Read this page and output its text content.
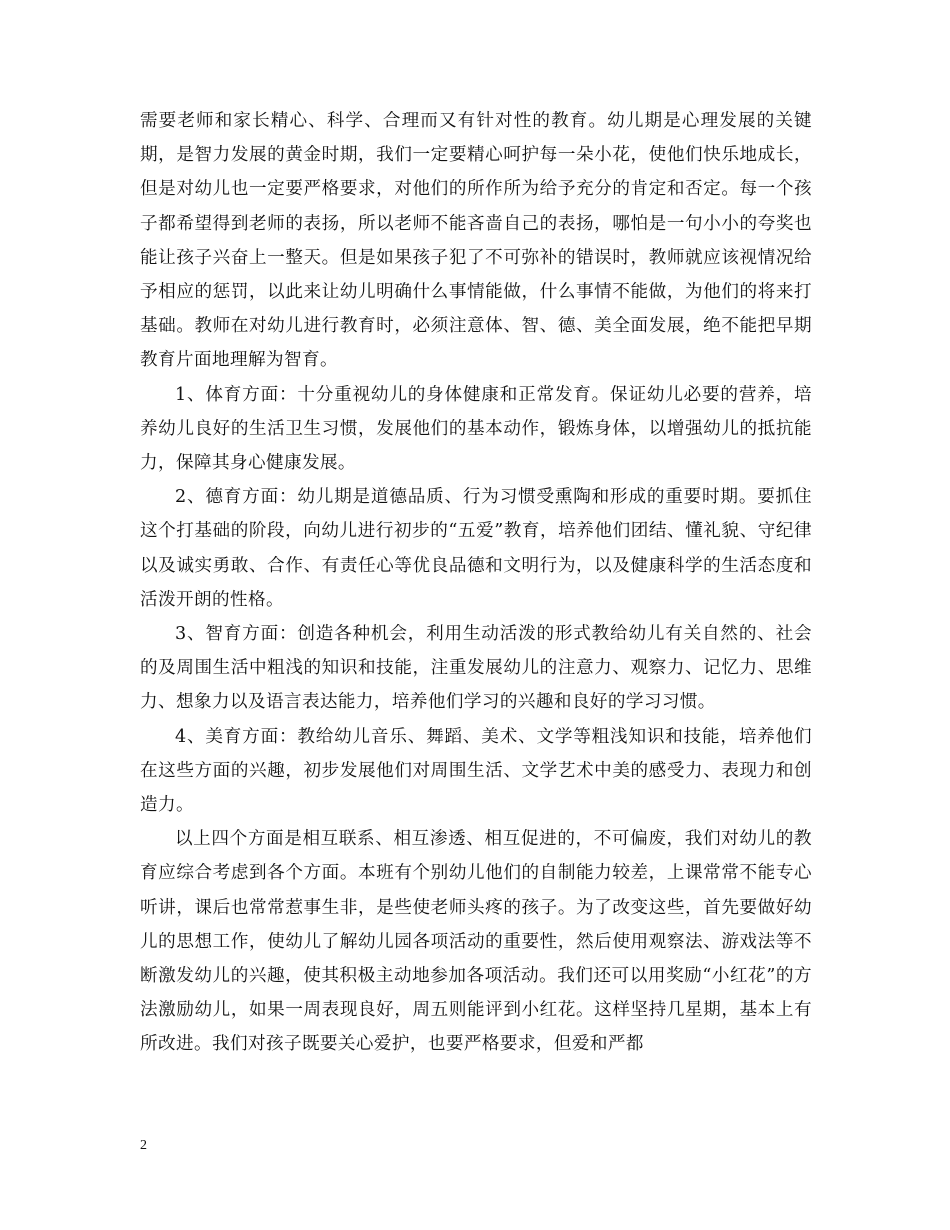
需要老师和家长精心、科学、合理而又有针对性的教育。幼儿期是心理发展的关键期，是智力发展的黄金时期，我们一定要精心呵护每一朵小花，使他们快乐地成长，但是对幼儿也一定要严格要求，对他们的所作所为给予充分的肯定和否定。每一个孩子都希望得到老师的表扬，所以老师不能吝啬自己的表扬，哪怕是一句小小的夸奖也能让孩子兴奋上一整天。但是如果孩子犯了不可弥补的错误时，教师就应该视情况给予相应的惩罚，以此来让幼儿明确什么事情能做，什么事情不能做，为他们的将来打基础。教师在对幼儿进行教育时，必须注意体、智、德、美全面发展，绝不能把早期教育片面地理解为智育。

1、体育方面：十分重视幼儿的身体健康和正常发育。保证幼儿必要的营养，培养幼儿良好的生活卫生习惯，发展他们的基本动作，锻炼身体，以增强幼儿的抵抗能力，保障其身心健康发展。

2、德育方面：幼儿期是道德品质、行为习惯受熏陶和形成的重要时期。要抓住这个打基础的阶段，向幼儿进行初步的“五爱”教育，培养他们团结、懂礼貌、守纪律以及诚实勇敢、合作、有责任心等优良品德和文明行为，以及健康科学的生活态度和活泼开朗的性格。

3、智育方面：创造各种机会，利用生动活泼的形式教给幼儿有关自然的、社会的及周围生活中粗浅的知识和技能，注重发展幼儿的注意力、观察力、记忆力、思维力、想象力以及语言表达能力，培养他们学习的兴趣和良好的学习习惯。

4、美育方面：教给幼儿音乐、舞蹈、美术、文学等粗浅知识和技能，培养他们在这些方面的兴趣，初步发展他们对周围生活、文学艺术中美的感受力、表现力和创造力。

以上四个方面是相互联系、相互渗透、相互促进的，不可偏废，我们对幼儿的教育应综合考虑到各个方面。本班有个别幼儿他们的自制能力较差，上课常常不能专心听讲，课后也常常惹事生非，是些使老师头疼的孩子。为了改变这些，首先要做好幼儿的思想工作，使幼儿了解幼儿园各项活动的重要性，然后使用观察法、游戏法等不断激发幼儿的兴趣，使其积极主动地参加各项活动。我们还可以用奖励“小红花”的方法激励幼儿，如果一周表现良好，周五则能评到小红花。这样坚持几星期，基本上有所改进。我们对孩子既要关心爱护，也要严格要求，但爱和严都

2
